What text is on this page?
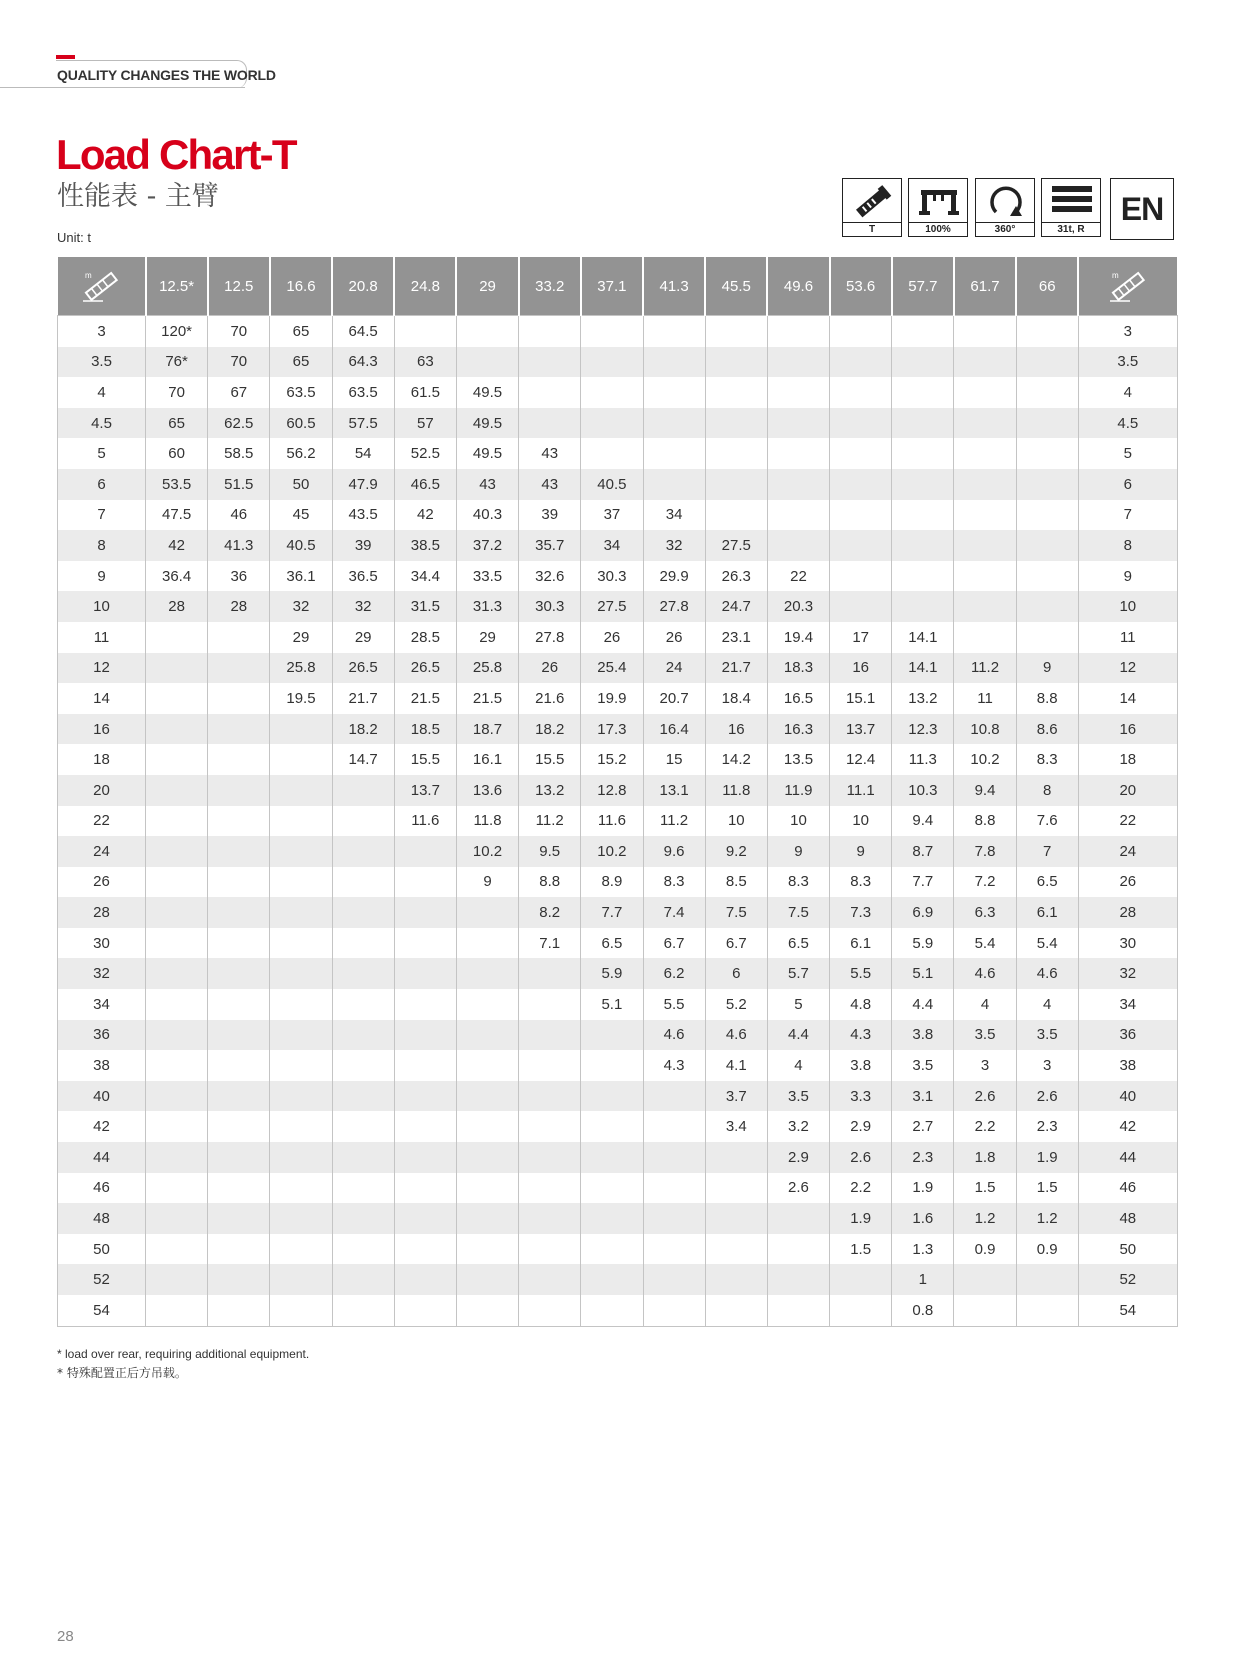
QUALITY CHANGES THE WORLD
Load Chart-T
性能表 - 主臂
Unit: t
T	100%	360°	31t, R
EN
m	12.5*	12.5	16.6	20.8	24.8	29	33.2	37.1	41.3	45.5	49.6	53.6	57.7	61.7	66	m

3	120*	70	65	64.5												3
3.5	76*	70	65	64.3	63											3.5
4	70	67	63.5	63.5	61.5	49.5										4
4.5	65	62.5	60.5	57.5	57	49.5										4.5
5	60	58.5	56.2	54	52.5	49.5	43									5
6	53.5	51.5	50	47.9	46.5	43	43	40.5								6
7	47.5	46	45	43.5	42	40.3	39	37	34							7
8	42	41.3	40.5	39	38.5	37.2	35.7	34	32	27.5						8
9	36.4	36	36.1	36.5	34.4	33.5	32.6	30.3	29.9	26.3	22					9
10	28	28	32	32	31.5	31.3	30.3	27.5	27.8	24.7	20.3					10
11			29	29	28.5	29	27.8	26	26	23.1	19.4	17	14.1			11
12			25.8	26.5	26.5	25.8	26	25.4	24	21.7	18.3	16	14.1	11.2	9	12
14			19.5	21.7	21.5	21.5	21.6	19.9	20.7	18.4	16.5	15.1	13.2	11	8.8	14
16				18.2	18.5	18.7	18.2	17.3	16.4	16	16.3	13.7	12.3	10.8	8.6	16
18				14.7	15.5	16.1	15.5	15.2	15	14.2	13.5	12.4	11.3	10.2	8.3	18
20					13.7	13.6	13.2	12.8	13.1	11.8	11.9	11.1	10.3	9.4	8	20
22					11.6	11.8	11.2	11.6	11.2	10	10	10	9.4	8.8	7.6	22
24						10.2	9.5	10.2	9.6	9.2	9	9	8.7	7.8	7	24
26						9	8.8	8.9	8.3	8.5	8.3	8.3	7.7	7.2	6.5	26
28							8.2	7.7	7.4	7.5	7.5	7.3	6.9	6.3	6.1	28
30							7.1	6.5	6.7	6.7	6.5	6.1	5.9	5.4	5.4	30
32								5.9	6.2	6	5.7	5.5	5.1	4.6	4.6	32
34								5.1	5.5	5.2	5	4.8	4.4	4	4	34
36									4.6	4.6	4.4	4.3	3.8	3.5	3.5	36
38									4.3	4.1	4	3.8	3.5	3	3	38
40										3.7	3.5	3.3	3.1	2.6	2.6	40
42										3.4	3.2	2.9	2.7	2.2	2.3	42
44											2.9	2.6	2.3	1.8	1.9	44
46											2.6	2.2	1.9	1.5	1.5	46
48												1.9	1.6	1.2	1.2	48
50												1.5	1.3	0.9	0.9	50
52													1			52
54													0.8			54
* load over rear, requiring additional equipment.
* 特殊配置正后方吊载。
28
